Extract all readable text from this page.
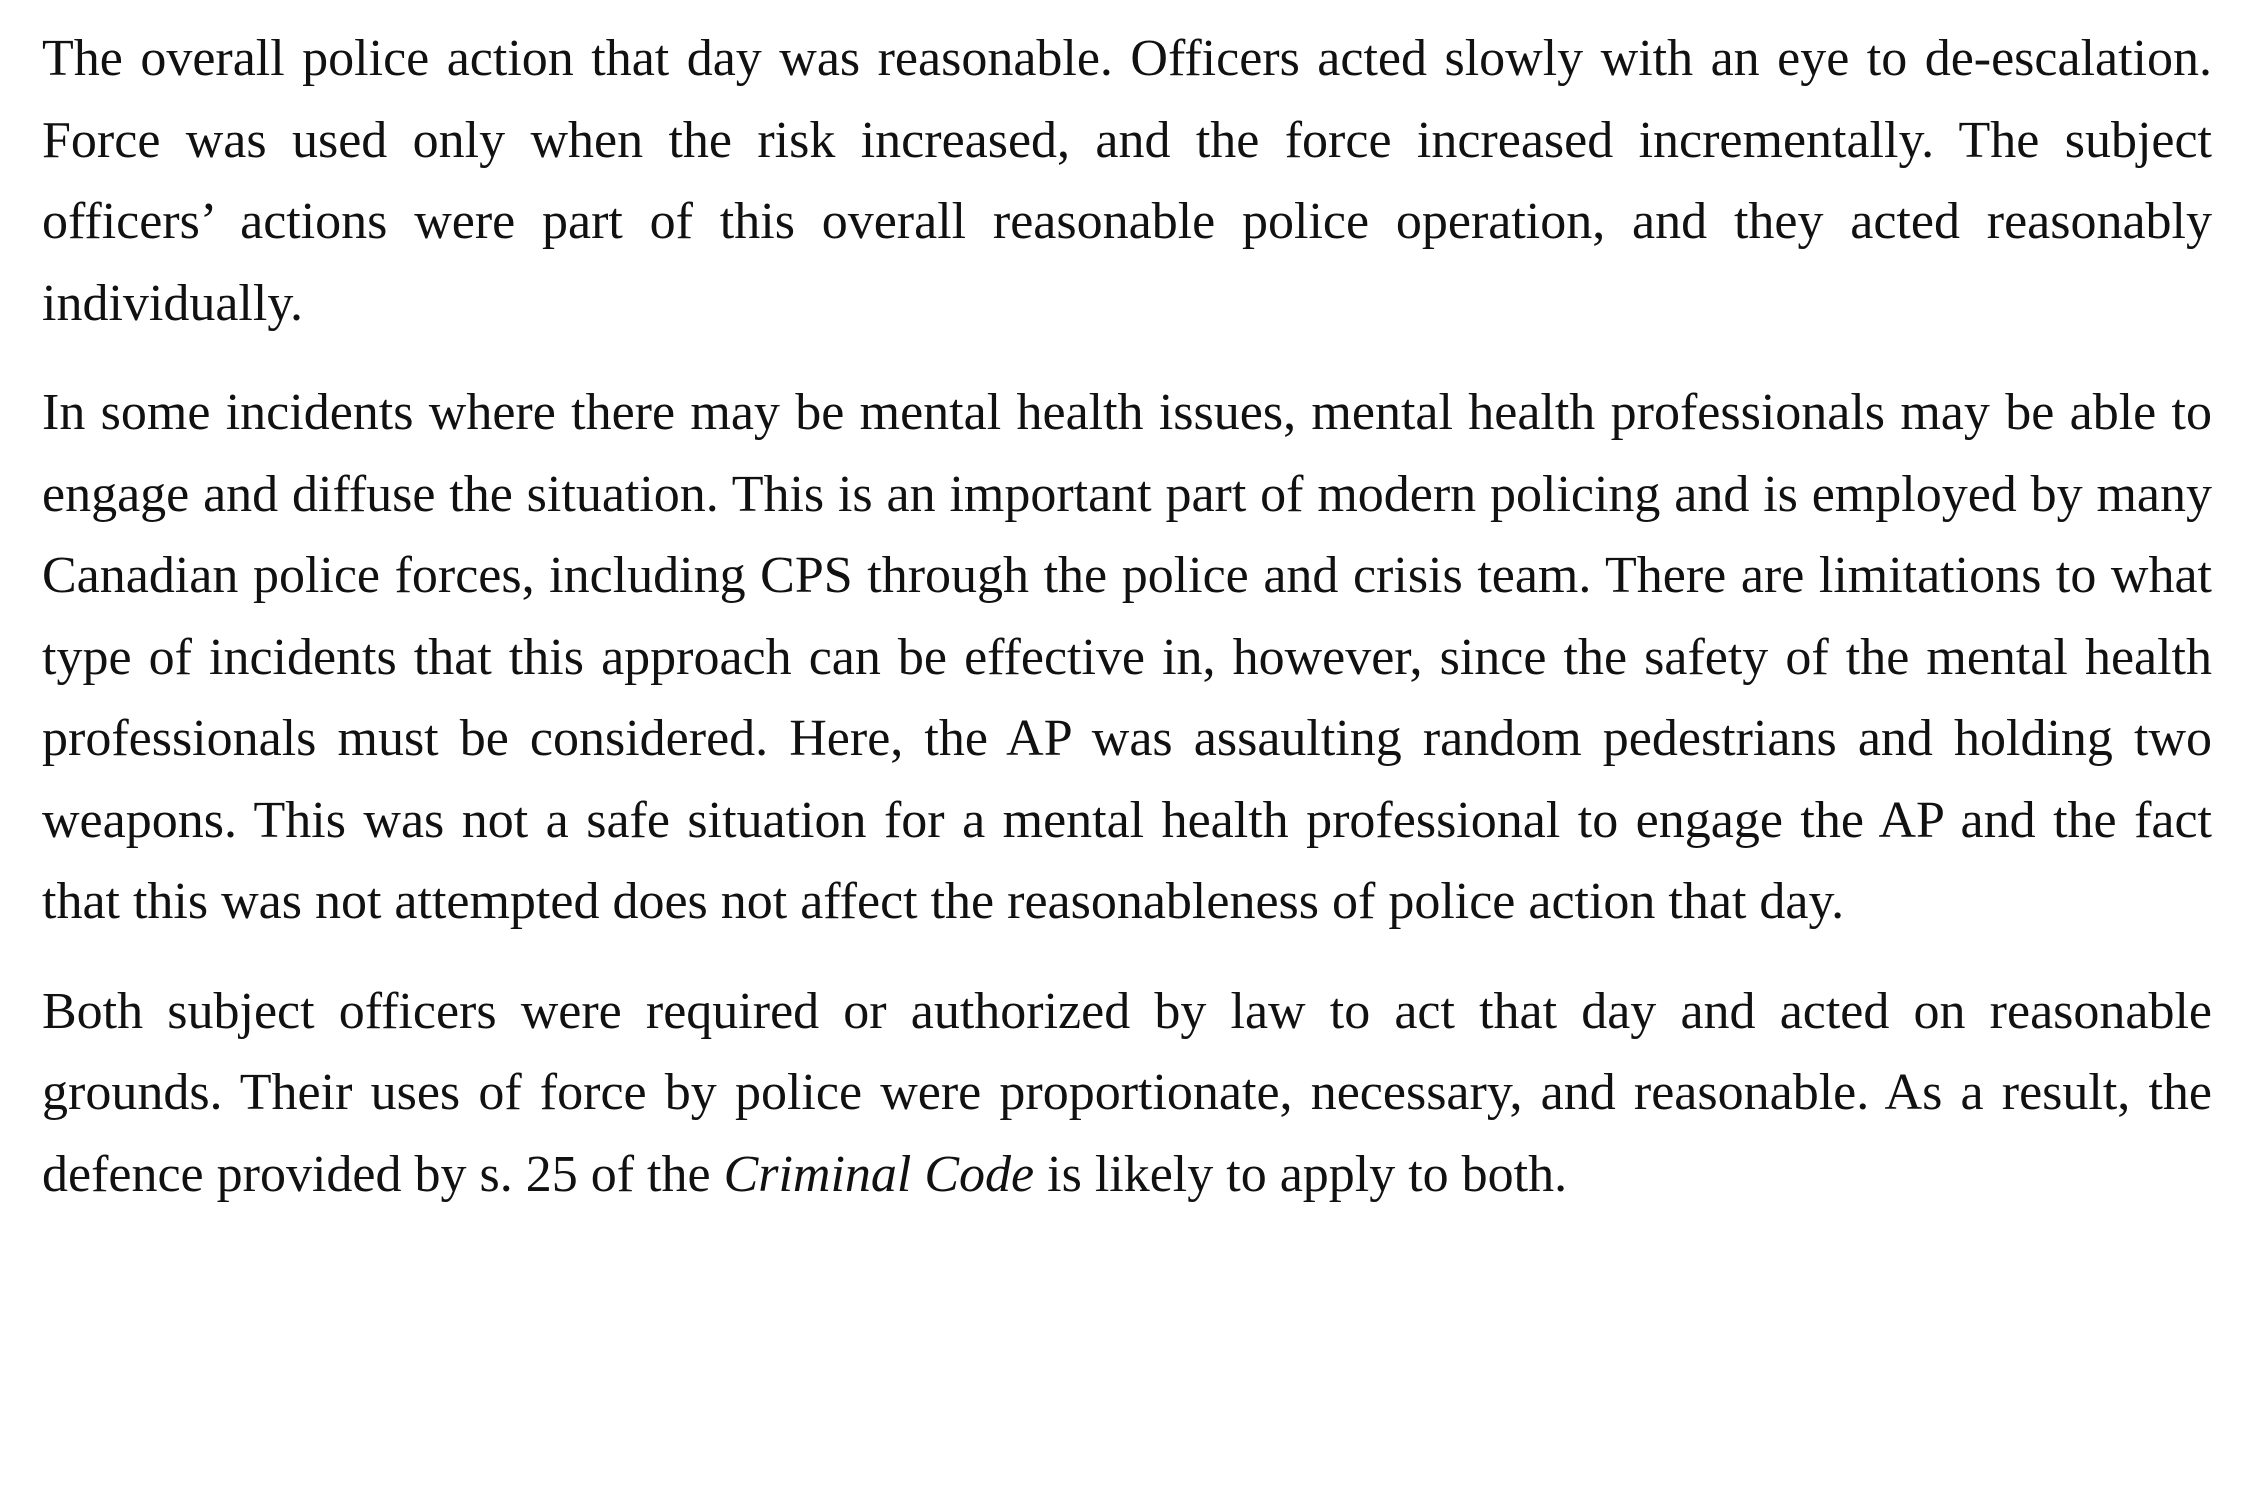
The overall police action that day was reasonable. Officers acted slowly with an eye to de-escalation. Force was used only when the risk increased, and the force increased incrementally. The subject officers’ actions were part of this overall reasonable police operation, and they acted reasonably individually.

In some incidents where there may be mental health issues, mental health professionals may be able to engage and diffuse the situation. This is an important part of modern policing and is employed by many Canadian police forces, including CPS through the police and crisis team. There are limitations to what type of incidents that this approach can be effective in, however, since the safety of the mental health professionals must be considered. Here, the AP was assaulting random pedestrians and holding two weapons. This was not a safe situation for a mental health professional to engage the AP and the fact that this was not attempted does not affect the reasonableness of police action that day.

Both subject officers were required or authorized by law to act that day and acted on reasonable grounds. Their uses of force by police were proportionate, necessary, and reasonable. As a result, the defence provided by s. 25 of the Criminal Code is likely to apply to both.
